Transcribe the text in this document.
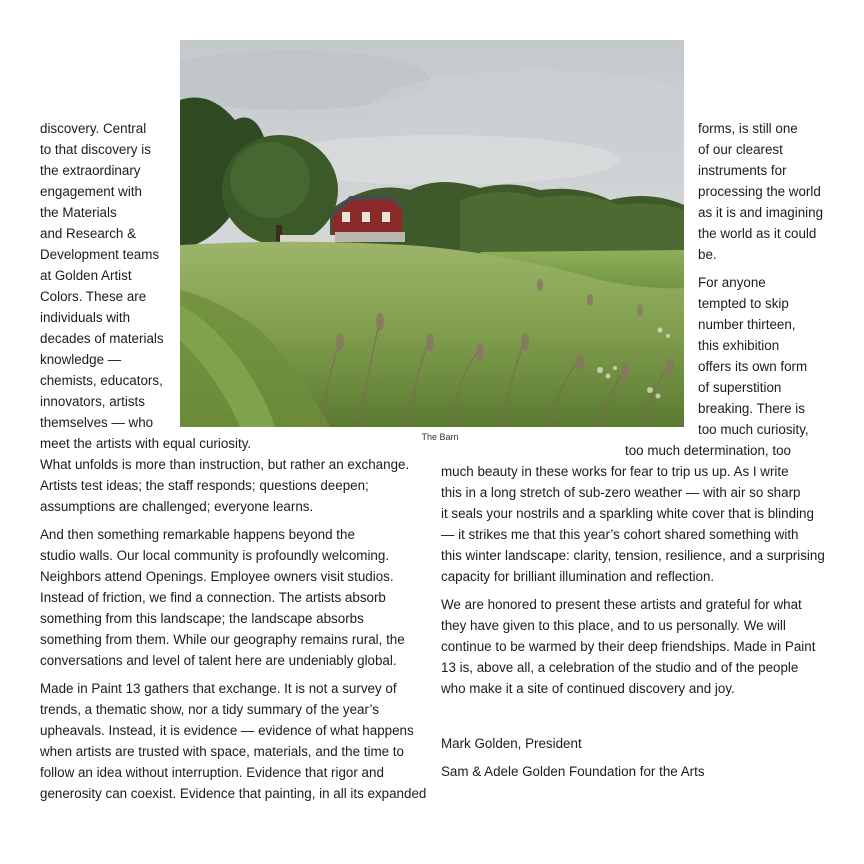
The Barn

discovery. Central

to that discovery is

the extraordinary

engagement with

the Materials

and Research &

Development teams

at Golden Artist

Colors. These are

individuals with

decades of materials

knowledge —

chemists, educators,

innovators, artists

themselves — who

meet the artists with equal curiosity.

What unfolds is more than instruction, but rather an exchange.

Artists test ideas; the staff responds; questions deepen;

assumptions are challenged; everyone learns.

And then something remarkable happens beyond the

studio walls. Our local community is profoundly welcoming.

Neighbors attend Openings. Employee owners visit studios.

Instead of friction, we find a connection. The artists absorb

something from this landscape; the landscape absorbs

something from them. While our geography remains rural, the

conversations and level of talent here are undeniably global.

Made in Paint 13 gathers that exchange. It is not a survey of

trends, a thematic show, nor a tidy summary of the year’s

upheavals. Instead, it is evidence — evidence of what happens

when artists are trusted with space, materials, and the time to

follow an idea without interruption. Evidence that rigor and

generosity can coexist. Evidence that painting, in all its expanded

forms, is still one

of our clearest

instruments for

processing the world

as it is and imagining

the world as it could

be.

For anyone

tempted to skip

number thirteen,

this exhibition

offers its own form

of superstition

breaking. There is

too much curiosity,

too much determination, too

much beauty in these works for fear to trip us up. As I write

this in a long stretch of sub-zero weather — with air so sharp

it seals your nostrils and a sparkling white cover that is blinding

— it strikes me that this year’s cohort shared something with

this winter landscape: clarity, tension, resilience, and a surprising

capacity for brilliant illumination and reflection.

We are honored to present these artists and grateful for what

they have given to this place, and to us personally. We will

continue to be warmed by their deep friendships. Made in Paint

13 is, above all, a celebration of the studio and of the people

who make it a site of continued discovery and joy.

Mark Golden, President

Sam & Adele Golden Foundation for the Arts
